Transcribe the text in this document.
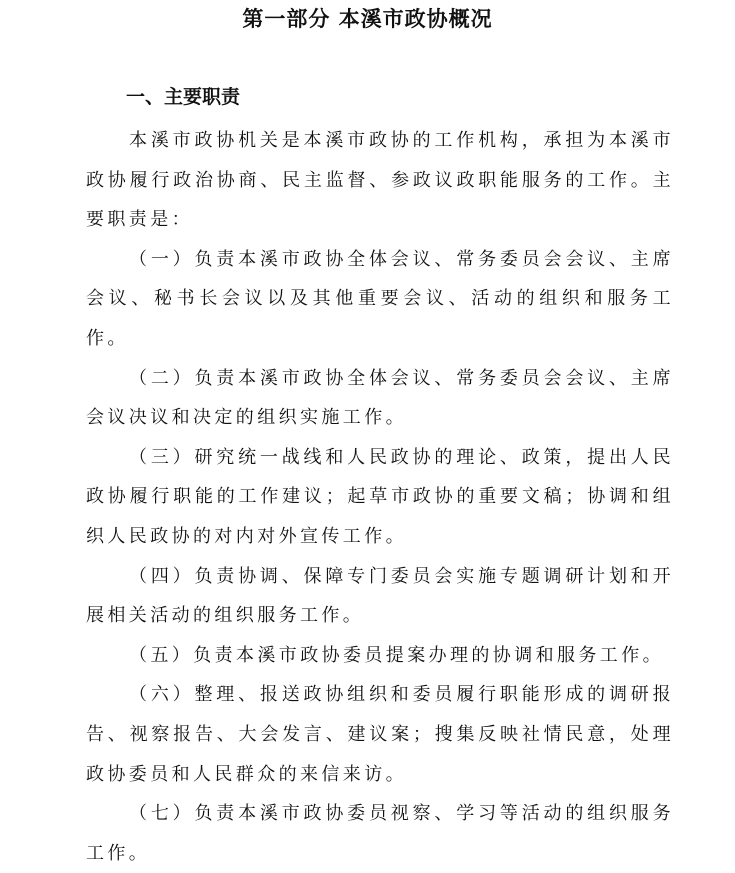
第一部分 本溪市政协概况
一、主要职责

本溪市政协机关是本溪市政协的工作机构，承担为本溪市政协履行政治协商、民主监督、参政议政职能服务的工作。主要职责是：

（一）负责本溪市政协全体会议、常务委员会会议、主席会议、秘书长会议以及其他重要会议、活动的组织和服务工作。

（二）负责本溪市政协全体会议、常务委员会会议、主席会议决议和决定的组织实施工作。

（三）研究统一战线和人民政协的理论、政策，提出人民政协履行职能的工作建议；起草市政协的重要文稿；协调和组织人民政协的对内对外宣传工作。

（四）负责协调、保障专门委员会实施专题调研计划和开展相关活动的组织服务工作。

（五）负责本溪市政协委员提案办理的协调和服务工作。

（六）整理、报送政协组织和委员履行职能形成的调研报告、视察报告、大会发言、建议案；搜集反映社情民意，处理政协委员和人民群众的来信来访。

（七）负责本溪市政协委员视察、学习等活动的组织服务工作。
